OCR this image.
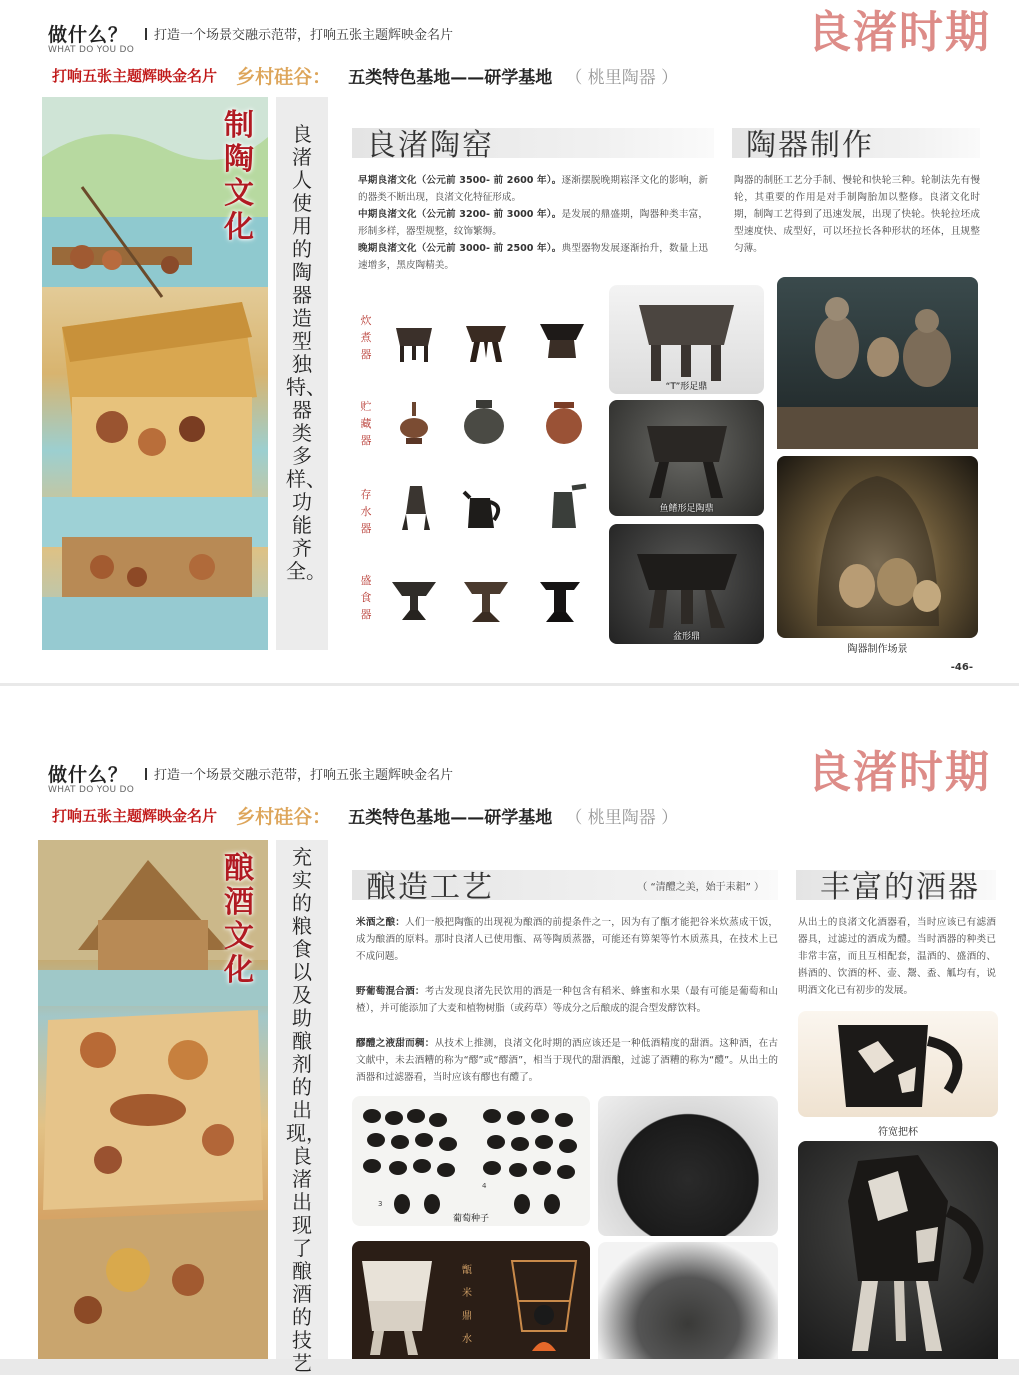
做什么？
WHAT DO YOU DO
打造一个场景交融示范带，打响五张主题辉映金名片	良渚时期
打响五张主题辉映金名片 乡村硅谷： 五类特色基地——研学基地 （ 桃里陶器 ）
制陶文化
良渚人使用的陶器造型独特、器类多样、功能齐全。
良渚陶窑
早期良渚文化（公元前 3500- 前 2600 年）。逐渐摆脱晚期崧泽文化的影响，新的器类不断出现，良渚文化特征形成。
中期良渚文化（公元前 3200- 前 3000 年）。是发展的鼎盛期，陶器种类丰富，形制多样，器型规整，纹饰繁缛。
晚期良渚文化（公元前 3000- 前 2500 年）。典型器物发展逐渐抬升，数量上迅速增多，黑皮陶精美。
陶器制作
陶器的制胚工艺分手制、慢轮和快轮三种。轮制法先有慢轮，其重要的作用是对手制陶胎加以整修。良渚文化时期，制陶工艺得到了迅速发展，出现了快轮。快轮拉坯成型速度快、成型好，可以坯拉长各种形状的坯体，且规整匀薄。
炊煮器
贮藏器
存水器
盛食器
“T”形足鼎
鱼鳍形足陶鼎
盆形鼎
陶器制作场景
-46-
做什么？
WHAT DO YOU DO
打造一个场景交融示范带，打响五张主题辉映金名片	良渚时期
打响五张主题辉映金名片 乡村硅谷： 五类特色基地——研学基地 （ 桃里陶器 ）
酿酒文化
充实的粮食以及助酿剂的出现，良渚出现了酿酒的技艺
酿造工艺	（ “清醴之美，始于耒耜” ）
米酒之酿：人们一般把陶甑的出现视为酿酒的前提条件之一，因为有了甑才能把谷米炊蒸成干饭，成为酿酒的原料。那时良渚人已使用甑、鬲等陶质蒸器，可能还有箅架等竹木质蒸具，在技术上已不成问题。
野葡萄混合酒：考古发现良渚先民饮用的酒是一种包含有稻米、蜂蜜和水果（最有可能是葡萄和山楂），并可能添加了大麦和植物树脂（或药草）等成分之后酿成的混合型发酵饮料。
醪醴之液甜而稠：从技术上推测，良渚文化时期的酒应该还是一种低酒精度的甜酒。这种酒，在古文献中，未去酒糟的称为“醪”或“醪酒”，相当于现代的甜酒酿，过滤了酒糟的称为“醴”。从出土的酒器和过滤器看，当时应该有醪也有醴了。
丰富的酒器
从出土的良渚文化酒器看，当时应该已有滤酒器具，过滤过的酒成为醴。当时酒器的种类已非常丰富，而且互相配套，温酒的、盛酒的、斟酒的、饮酒的杯、壶、鬶、盉、觚均有，说明酒文化已有初步的发展。
3
4
葡萄种子
甑
米
鼎
水
符宽把杯
